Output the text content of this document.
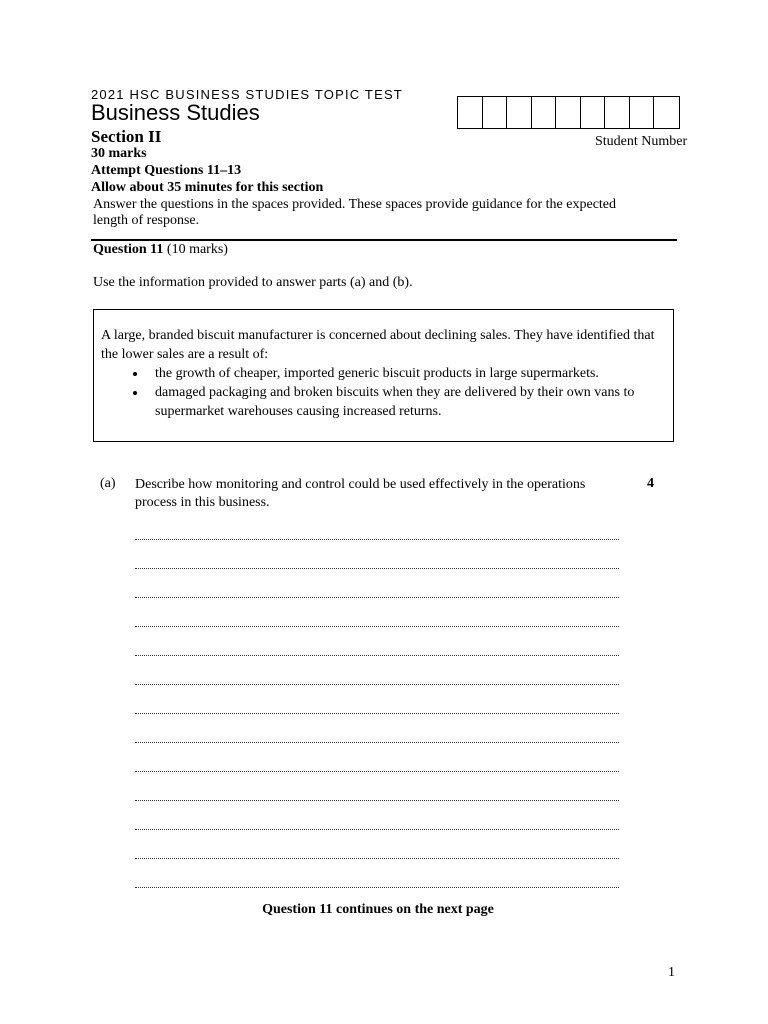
2021 HSC BUSINESS STUDIES TOPIC TEST
Business Studies
Section II
30 marks
Attempt Questions 11–13
Allow about 35 minutes for this section
Answer the questions in the spaces provided. These spaces provide guidance for the expected length of response.
Student Number
Question 11 (10 marks)
Use the information provided to answer parts (a) and (b).
A large, branded biscuit manufacturer is concerned about declining sales. They have identified that the lower sales are a result of:
• the growth of cheaper, imported generic biscuit products in large supermarkets.
• damaged packaging and broken biscuits when they are delivered by their own vans to supermarket warehouses causing increased returns.
(a) Describe how monitoring and control could be used effectively in the operations process in this business.
4
Question 11 continues on the next page
1
